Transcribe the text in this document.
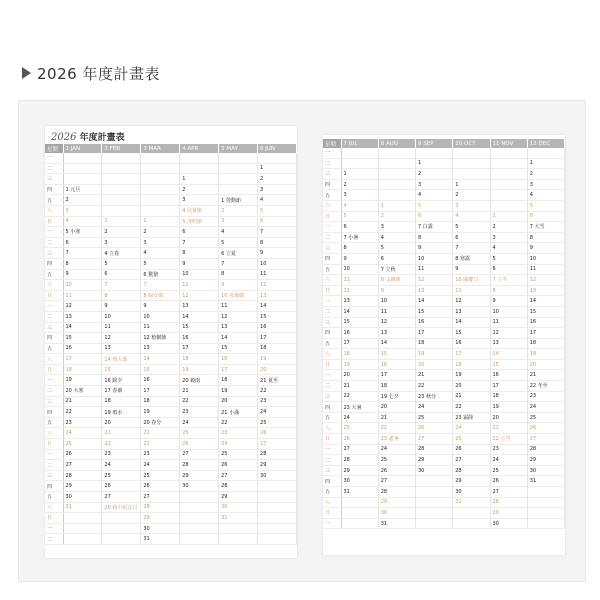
2026 年度計畫表
2026 年度計畫表
星期	1 JAN	2 FEB	3 MAR	4 APR	5 MAY	6 JUN
一						
二						1
三				1		2
四	1 元旦			2		3
五	2			3	1 勞動節	4
六	3			4 兒童節	2	5
日	4	1	1	5 清明節	3	6
一	5 小寒	2	2	6	4	7
二	6	3	3	7	5	8
三	7	4 立春	4	8	6 立夏	9
四	8	5	5	9	7	10
五	9	6	6 驚蟄	10	8	11
六	10	7	7	11	9	12
日	11	8	8 婦女節	12	10 母親節	13
一	12	9	9	13	11	14
二	13	10	10	14	12	15
三	14	11	11	15	13	16
四	15	12	12 植樹節	16	14	17
五	16	13	13	17	15	18
六	17	14 情人節	14	18	16	19
日	18	15	15	19	17	20
一	19	16 除夕	16	20 穀雨	18	21 夏至
二	20 大寒	17 春節	17	21	19	22
三	21	18	18	22	20	23
四	22	19 雨水	19	23	21 小滿	24
五	23	20	20 春分	24	22	25
六	24	21	21	25	23	26
日	25	22	22	26	24	27
一	26	23	23	27	25	28
二	27	24	24	28	26	29
三	28	25	25	29	27	30
四	29	26	26	30	28	
五	30	27	27		29	
六	31	28 和平紀念日	28		30	
日			29		31	
一			30			
二			31			
星期	7 JUL	8 AUG	9 SEP	10 OCT	11 NOV	12 DEC
一						
二			1			1
三	1		2			2
四	2		3	1		3
五	3		4	2		4
六	4	1	5	3		5
日	5	2	6	4	1	6
一	6	3	7 白露	5	2	7 大雪
二	7 小暑	4	8	6	3	8
三	8	5	9	7	4	9
四	9	6	10	8 寒露	5	10
五	10	7 立秋	11	9	6	11
六	11	8 父親節	12	10 國慶日	7 立冬	12
日	12	9	13	11	8	13
一	13	10	14	12	9	14
二	14	11	15	13	10	15
三	15	12	16	14	11	16
四	16	13	17	15	12	17
五	17	14	18	16	13	18
六	18	15	19	17	14	19
日	19	16	20	18	15	20
一	20	17	21	19	16	21
二	21	18	22	20	17	22 冬至
三	22	19 七夕	23 秋分	21	18	23
四	23 大暑	20	24	22	19	24
五	24	21	25	23 霜降	20	25
六	25	22	26	24	21	26
日	26	23 處暑	27	25	22 小雪	27
一	27	24	28	26	23	28
二	28	25	29	27	24	29
三	29	26	30	28	25	30
四	30	27		29	26	31
五	31	28		30	27	
六		29		31	28	
日		30			29	
一		31			30	
